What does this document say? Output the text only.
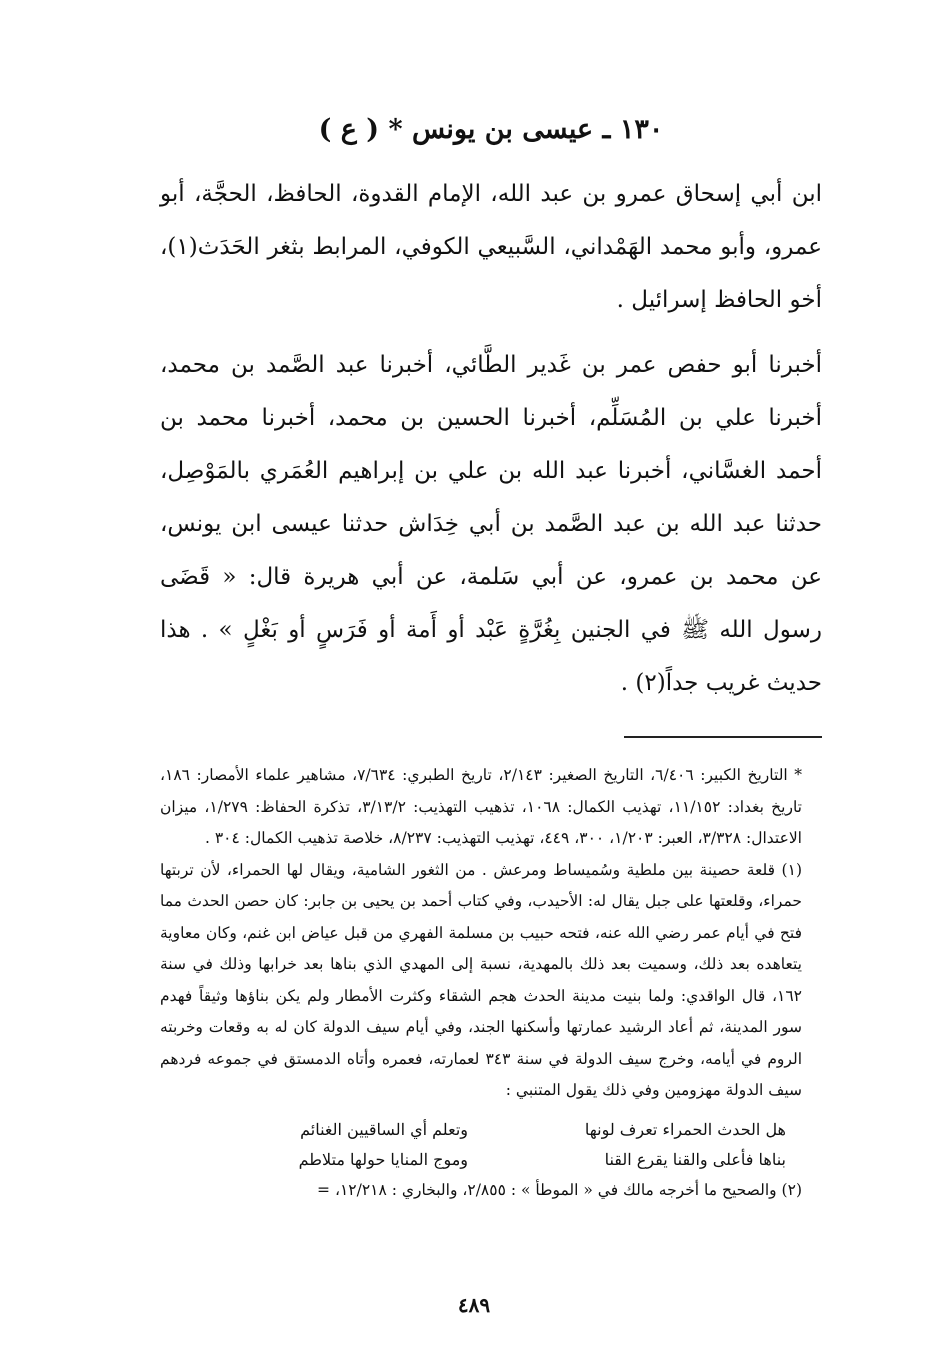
١٣٠ ـ عيسى بن يونس * ( ع )

ابن أبي إسحاق عمرو بن عبد الله، الإمام القدوة، الحافظ، الحجَّة، أبو عمرو، وأبو محمد الهَمْداني، السَّبيعي الكوفي، المرابط بثغر الحَدَث(١)، أخو الحافظ إسرائيل .

أخبرنا أبو حفص عمر بن غَدير الطَّائي، أخبرنا عبد الصَّمد بن محمد، أخبرنا علي بن المُسَلِّم، أخبرنا الحسين بن محمد، أخبرنا محمد بن أحمد الغسَّاني، أخبرنا عبد الله بن علي بن إبراهيم العُمَري بالمَوْصِل، حدثنا عبد الله بن عبد الصَّمد بن أبي خِدَاش حدثنا عيسى ابن يونس، عن محمد بن عمرو، عن أبي سَلمة، عن أبي هريرة قال: « قَضَى رسول الله ﷺ في الجنين بِغُرَّةٍ عَبْد أو أَمة أو فَرَسٍ أو بَغْلٍ » . هذا حديث غريب جداً(٢) .

* التاريخ الكبير: ٦/٤٠٦، التاريخ الصغير: ٢/١٤٣، تاريخ الطبري: ٧/٦٣٤، مشاهير علماء الأمصار: ١٨٦، تاريخ بغداد: ١١/١٥٢، تهذيب الكمال: ١٠٦٨، تذهيب التهذيب: ٣/١٣/٢، تذكرة الحفاظ: ١/٢٧٩، ميزان الاعتدال: ٣/٣٢٨، العبر: ١/٢٠٣، ٣٠٠، ٤٤٩، تهذيب التهذيب: ٨/٢٣٧، خلاصة تذهيب الكمال: ٣٠٤ .

(١) قلعة حصينة بين ملطية وسُميساط ومرعش . من الثغور الشامية، ويقال لها الحمراء، لأن تربتها حمراء، وقلعتها على جبل يقال له: الأحيدب، وفي كتاب أحمد بن يحيى بن جابر: كان حصن الحدث مما فتح في أيام عمر رضي الله عنه، فتحه حبيب بن مسلمة الفهري من قبل عياض ابن غنم، وكان معاوية يتعاهده بعد ذلك، وسميت بعد ذلك بالمهدية، نسبة إلى المهدي الذي بناها بعد خرابها وذلك في سنة ١٦٢، قال الواقدي: ولما بنيت مدينة الحدث هجم الشقاء وكثرت الأمطار ولم يكن بناؤها وثيقاً فهدم سور المدينة، ثم أعاد الرشيد عمارتها وأسكنها الجند، وفي أيام سيف الدولة كان له به وقعات وخربته الروم في أيامه، وخرج سيف الدولة في سنة ٣٤٣ لعمارته، فعمره وأتاه الدمستق في جموعه فردهم سيف الدولة مهزومين وفي ذلك يقول المتنبي :

هل الحدث الحمراء تعرف لونها
وتعلم أي الساقيين الغنائم
بناها فأعلى والقنا يقرع القنا
وموج المنايا حولها متلاطم

(٢) والصحيح ما أخرجه مالك في « الموطأ » : ٢/٨٥٥، والبخاري : ١٢/٢١٨، =

٤٨٩
